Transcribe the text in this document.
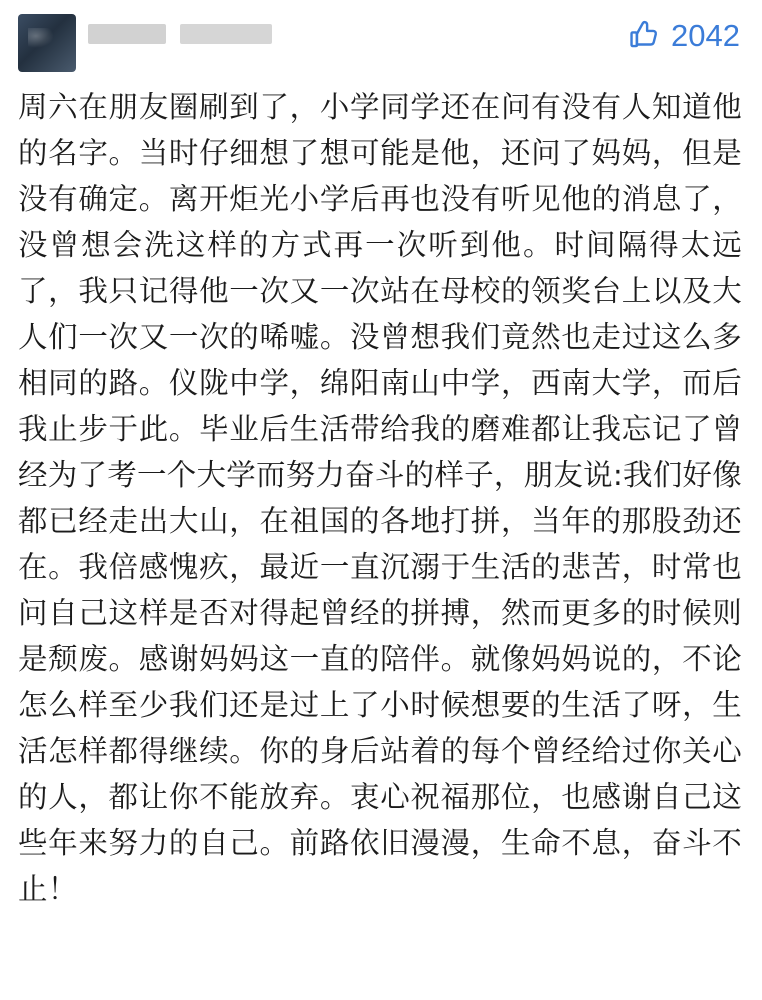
2042
周六在朋友圈刷到了，小学同学还在问有没有人知道他的名字。当时仔细想了想可能是他，还问了妈妈，但是没有确定。离开炬光小学后再也没有听见他的消息了，没曾想会洗这样的方式再一次听到他。时间隔得太远了，我只记得他一次又一次站在母校的领奖台上以及大人们一次又一次的唏嘘。没曾想我们竟然也走过这么多相同的路。仪陇中学，绵阳南山中学，西南大学，而后我止步于此。毕业后生活带给我的磨难都让我忘记了曾经为了考一个大学而努力奋斗的样子，朋友说:我们好像都已经走出大山，在祖国的各地打拼，当年的那股劲还在。我倍感愧疚，最近一直沉溺于生活的悲苦，时常也问自己这样是否对得起曾经的拼搏，然而更多的时候则是颓废。感谢妈妈这一直的陪伴。就像妈妈说的，不论怎么样至少我们还是过上了小时候想要的生活了呀，生活怎样都得继续。你的身后站着的每个曾经给过你关心的人，都让你不能放弃。衷心祝福那位，也感谢自己这些年来努力的自己。前路依旧漫漫，生命不息，奋斗不止！
